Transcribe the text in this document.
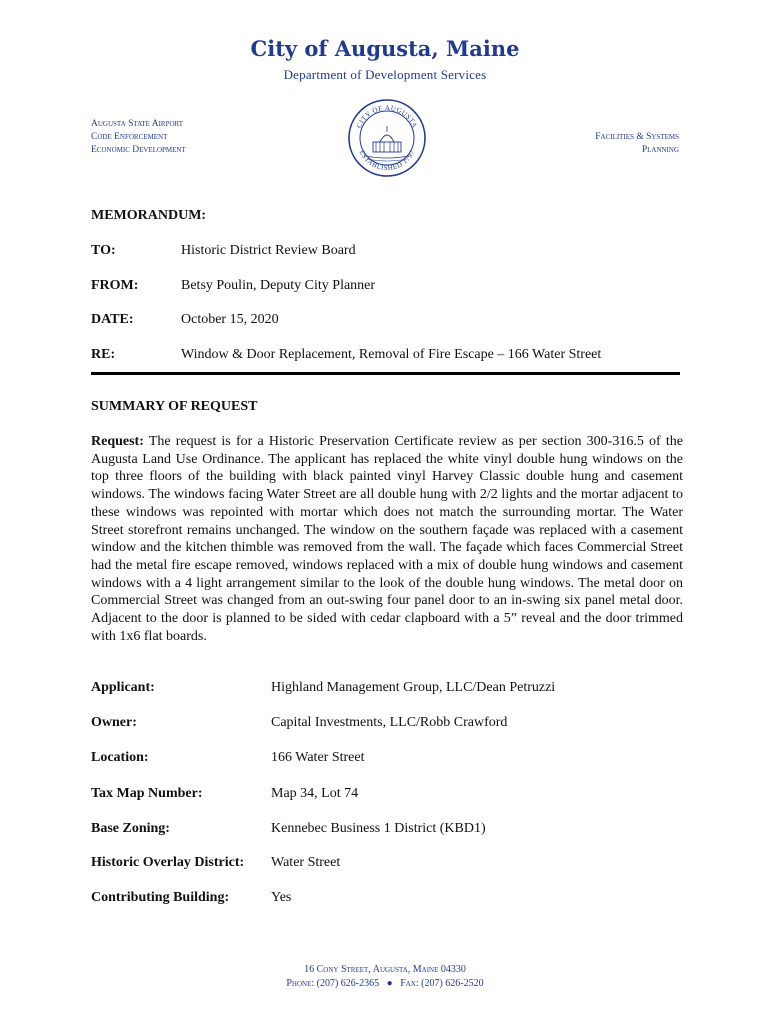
City of Augusta, Maine
Department of Development Services
Augusta State Airport
Code Enforcement
Economic Development
CITY OF AUGUSTA
ESTABLISHED 1797
Facilities & Systems
Planning
MEMORANDUM:
TO:	Historic District Review Board
FROM:	Betsy Poulin, Deputy City Planner
DATE:	October 15, 2020
RE:	Window & Door Replacement, Removal of Fire Escape – 166 Water Street
SUMMARY OF REQUEST
Request: The request is for a Historic Preservation Certificate review as per section 300-316.5 of the Augusta Land Use Ordinance. The applicant has replaced the white vinyl double hung windows on the top three floors of the building with black painted vinyl Harvey Classic double hung and casement windows. The windows facing Water Street are all double hung with 2/2 lights and the mortar adjacent to these windows was repointed with mortar which does not match the surrounding mortar. The Water Street storefront remains unchanged. The window on the southern façade was replaced with a casement window and the kitchen thimble was removed from the wall. The façade which faces Commercial Street had the metal fire escape removed, windows replaced with a mix of double hung windows and casement windows with a 4 light arrangement similar to the look of the double hung windows. The metal door on Commercial Street was changed from an out-swing four panel door to an in-swing six panel metal door. Adjacent to the door is planned to be sided with cedar clapboard with a 5” reveal and the door trimmed with 1x6 flat boards.
Applicant:	Highland Management Group, LLC/Dean Petruzzi
Owner:	Capital Investments, LLC/Robb Crawford
Location:	166 Water Street
Tax Map Number:	Map 34, Lot 74
Base Zoning:	Kennebec Business 1 District (KBD1)
Historic Overlay District: Water Street
Contributing Building:	Yes
16 Cony Street, Augusta, Maine 04330
Phone: (207) 626-2365   ●   Fax: (207) 626-2520
